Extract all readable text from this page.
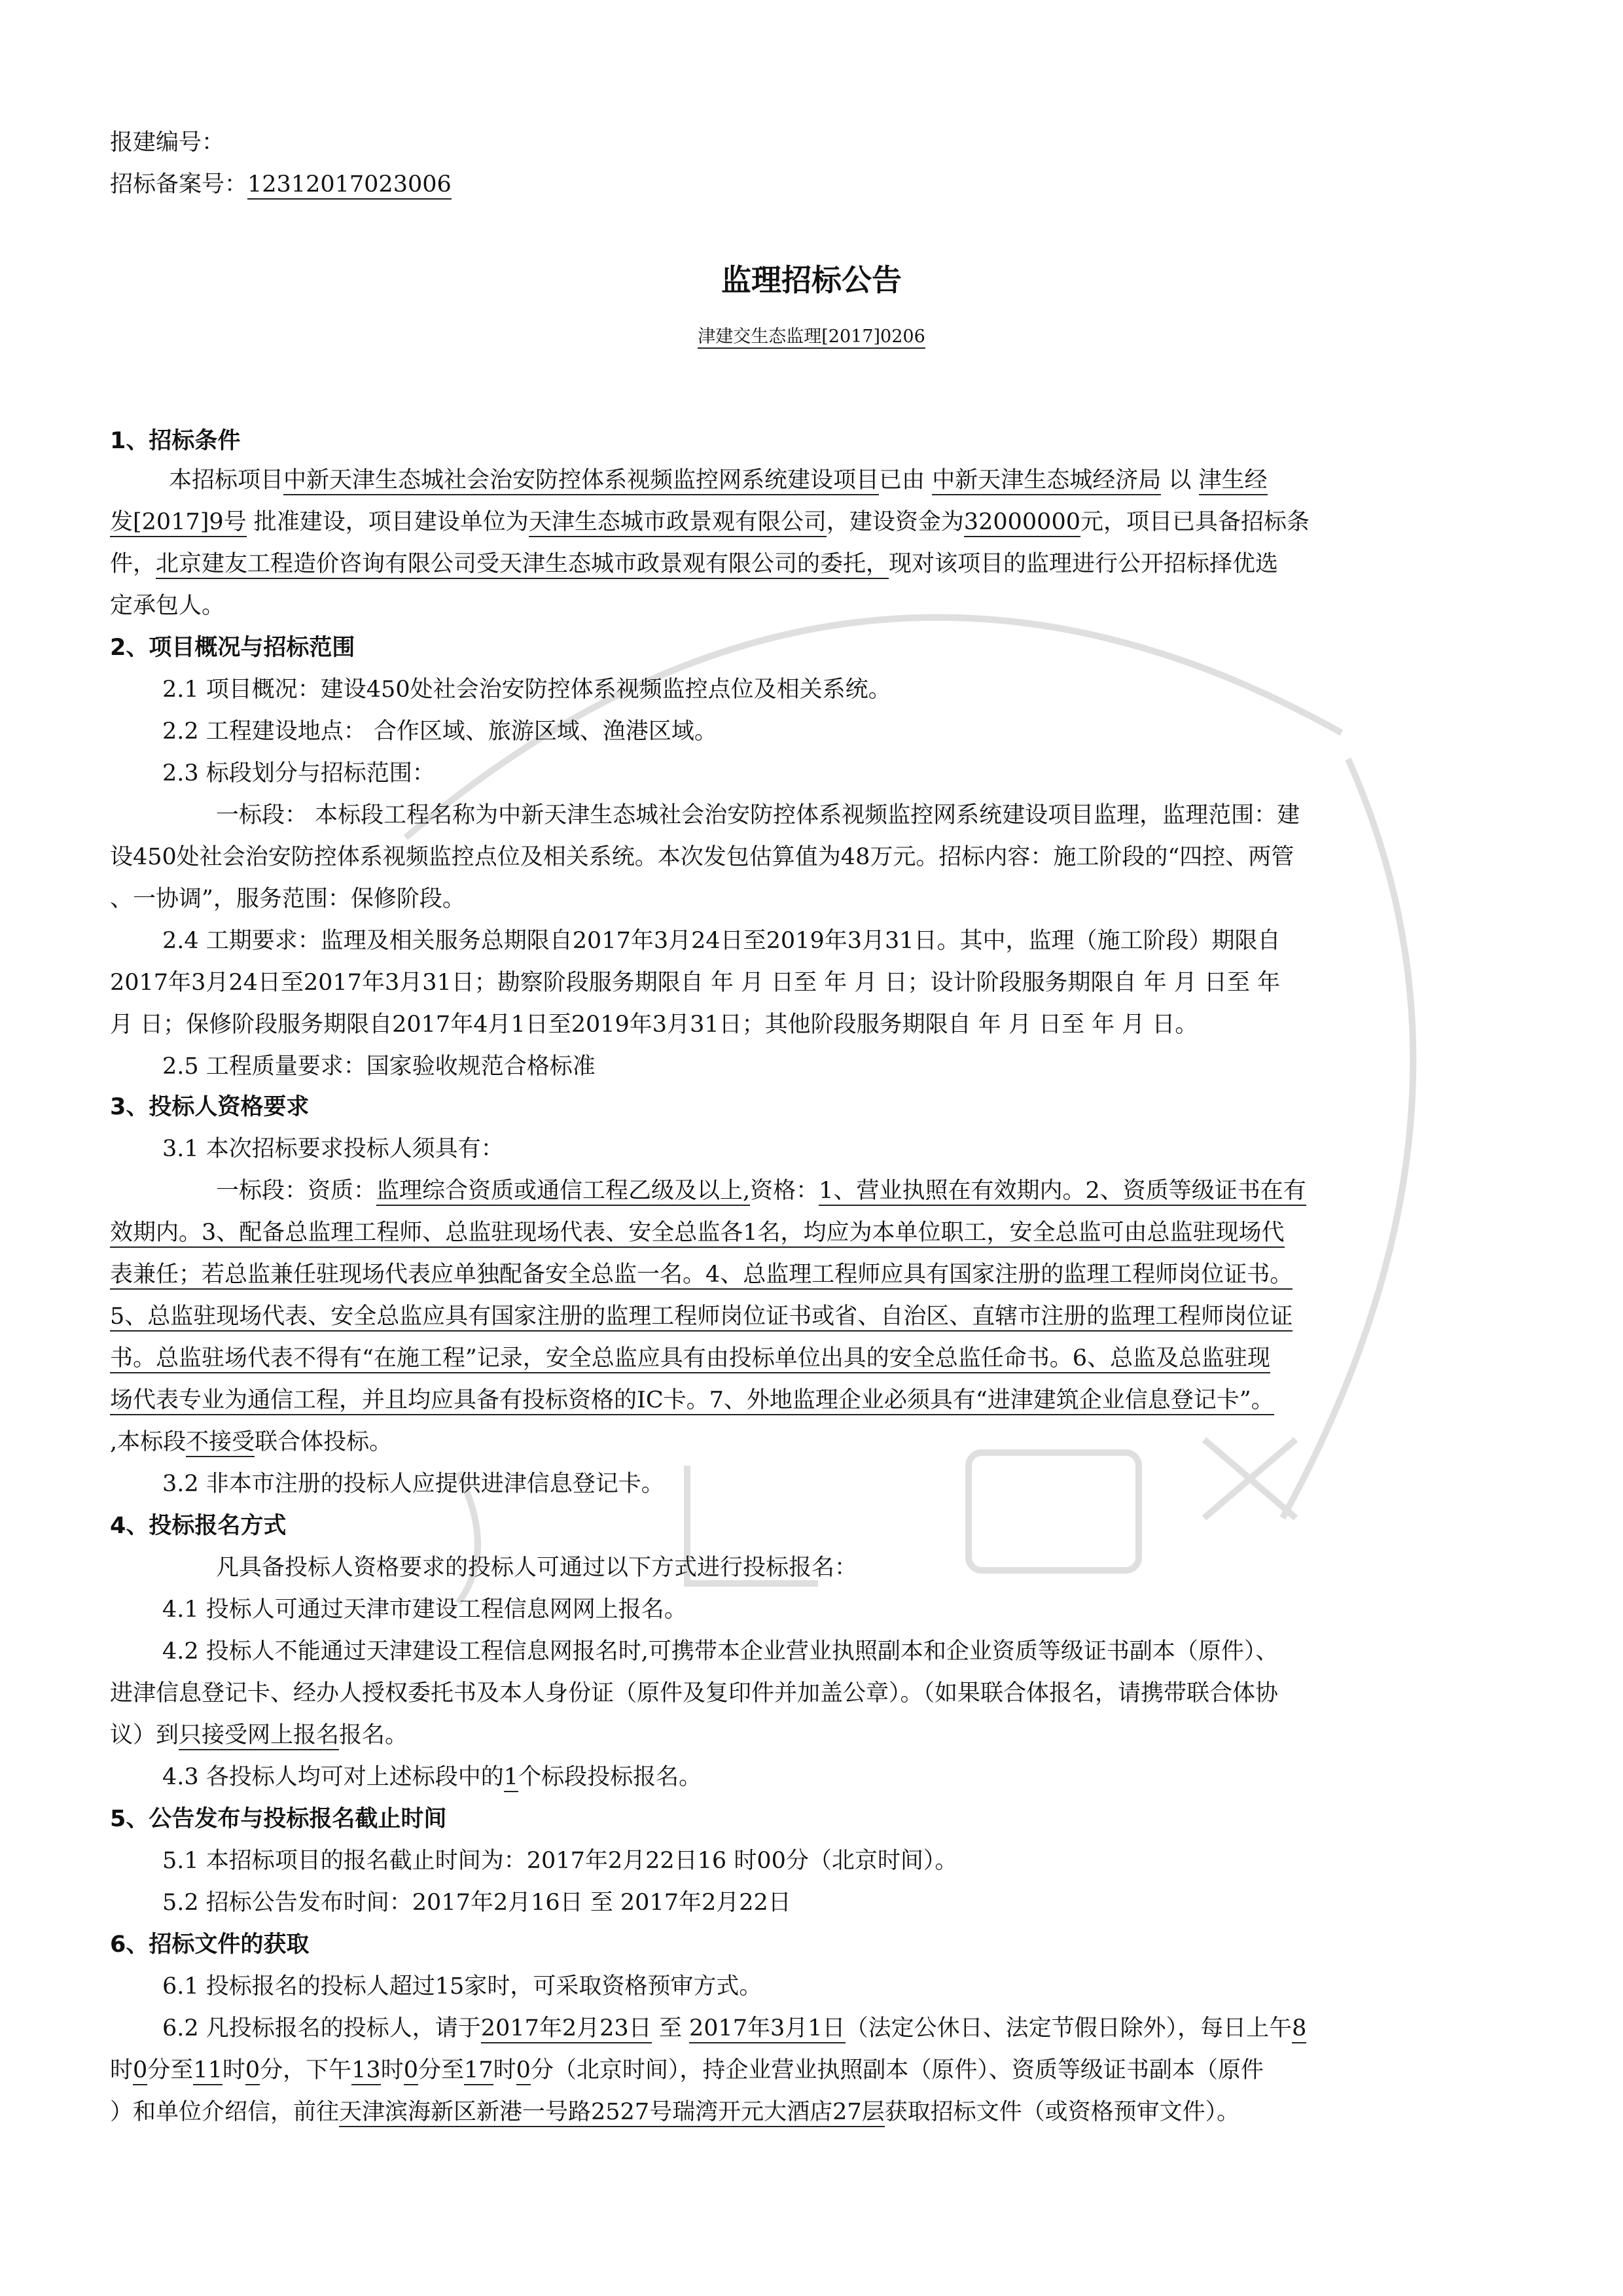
报建编号：
招标备案号：12312017023006
监理招标公告
津建交生态监理[2017]0206
1、招标条件
本招标项目中新天津生态城社会治安防控体系视频监控网系统建设项目已由 中新天津生态城经济局 以 津生经
发[2017]9号 批准建设，项目建设单位为天津生态城市政景观有限公司，建设资金为32000000元，项目已具备招标条
件，北京建友工程造价咨询有限公司受天津生态城市政景观有限公司的委托，现对该项目的监理进行公开招标择优选
定承包人。
2、项目概况与招标范围
2.1 项目概况：建设450处社会治安防控体系视频监控点位及相关系统。
2.2 工程建设地点： 合作区域、旅游区域、渔港区域。
2.3 标段划分与招标范围：
一标段： 本标段工程名称为中新天津生态城社会治安防控体系视频监控网系统建设项目监理，监理范围：建
设450处社会治安防控体系视频监控点位及相关系统。本次发包估算值为48万元。招标内容：施工阶段的“四控、两管
、一协调”，服务范围：保修阶段。
2.4 工期要求：监理及相关服务总期限自2017年3月24日至2019年3月31日。其中，监理（施工阶段）期限自
2017年3月24日至2017年3月31日；勘察阶段服务期限自 年 月 日至 年 月 日；设计阶段服务期限自 年 月 日至 年
月 日；保修阶段服务期限自2017年4月1日至2019年3月31日；其他阶段服务期限自 年 月 日至 年 月 日。
2.5 工程质量要求：国家验收规范合格标准
3、投标人资格要求
3.1 本次招标要求投标人须具有：
一标段：资质：监理综合资质或通信工程乙级及以上,资格：1、营业执照在有效期内。2、资质等级证书在有
效期内。3、配备总监理工程师、总监驻现场代表、安全总监各1名，均应为本单位职工，安全总监可由总监驻现场代
表兼任；若总监兼任驻现场代表应单独配备安全总监一名。4、总监理工程师应具有国家注册的监理工程师岗位证书。
5、总监驻现场代表、安全总监应具有国家注册的监理工程师岗位证书或省、自治区、直辖市注册的监理工程师岗位证
书。总监驻场代表不得有“在施工程”记录，安全总监应具有由投标单位出具的安全总监任命书。6、总监及总监驻现
场代表专业为通信工程，并且均应具备有投标资格的IC卡。7、外地监理企业必须具有“进津建筑企业信息登记卡”。
,本标段不接受联合体投标。
3.2 非本市注册的投标人应提供进津信息登记卡。
4、投标报名方式
凡具备投标人资格要求的投标人可通过以下方式进行投标报名：
4.1 投标人可通过天津市建设工程信息网网上报名。
4.2 投标人不能通过天津建设工程信息网报名时,可携带本企业营业执照副本和企业资质等级证书副本（原件）、
进津信息登记卡、经办人授权委托书及本人身份证（原件及复印件并加盖公章）。（如果联合体报名，请携带联合体协
议）到只接受网上报名报名。
4.3 各投标人均可对上述标段中的1个标段投标报名。
5、公告发布与投标报名截止时间
5.1 本招标项目的报名截止时间为：2017年2月22日16 时00分（北京时间）。
5.2 招标公告发布时间：2017年2月16日 至 2017年2月22日
6、招标文件的获取
6.1 投标报名的投标人超过15家时，可采取资格预审方式。
6.2 凡投标报名的投标人，请于2017年2月23日 至 2017年3月1日（法定公休日、法定节假日除外），每日上午8
时0分至11时0分，下午13时0分至17时0分（北京时间），持企业营业执照副本（原件）、资质等级证书副本（原件
）和单位介绍信，前往天津滨海新区新港一号路2527号瑞湾开元大酒店27层获取招标文件（或资格预审文件）。
